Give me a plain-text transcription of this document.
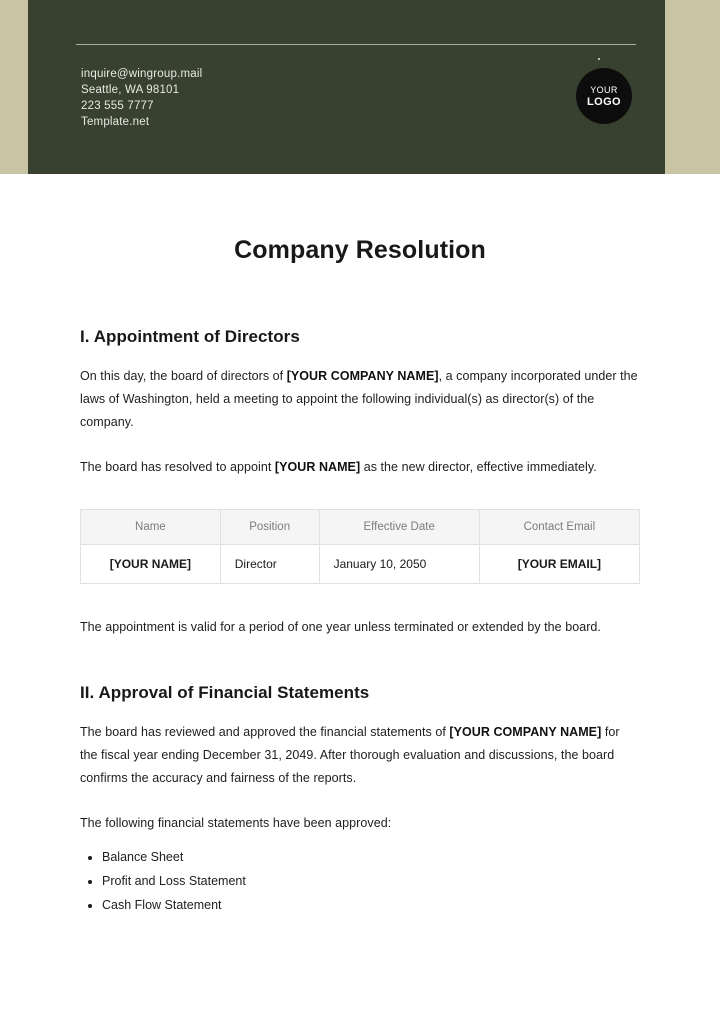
inquire@wingroup.mail
Seattle, WA 98101
223 555 7777
Template.net
YOUR
LOGO
Company Resolution
I. Appointment of Directors

On this day, the board of directors of [YOUR COMPANY NAME], a company incorporated under the laws of Washington, held a meeting to appoint the following individual(s) as director(s) of the company.

The board has resolved to appoint [YOUR NAME] as the new director, effective immediately.

Name	Position	Effective Date	Contact Email
[YOUR NAME]	Director	January 10, 2050	[YOUR EMAIL]

The appointment is valid for a period of one year unless terminated or extended by the board.

II. Approval of Financial Statements

The board has reviewed and approved the financial statements of [YOUR COMPANY NAME] for the fiscal year ending December 31, 2049. After thorough evaluation and discussions, the board confirms the accuracy and fairness of the reports.

The following financial statements have been approved:

• Balance Sheet
• Profit and Loss Statement
• Cash Flow Statement
